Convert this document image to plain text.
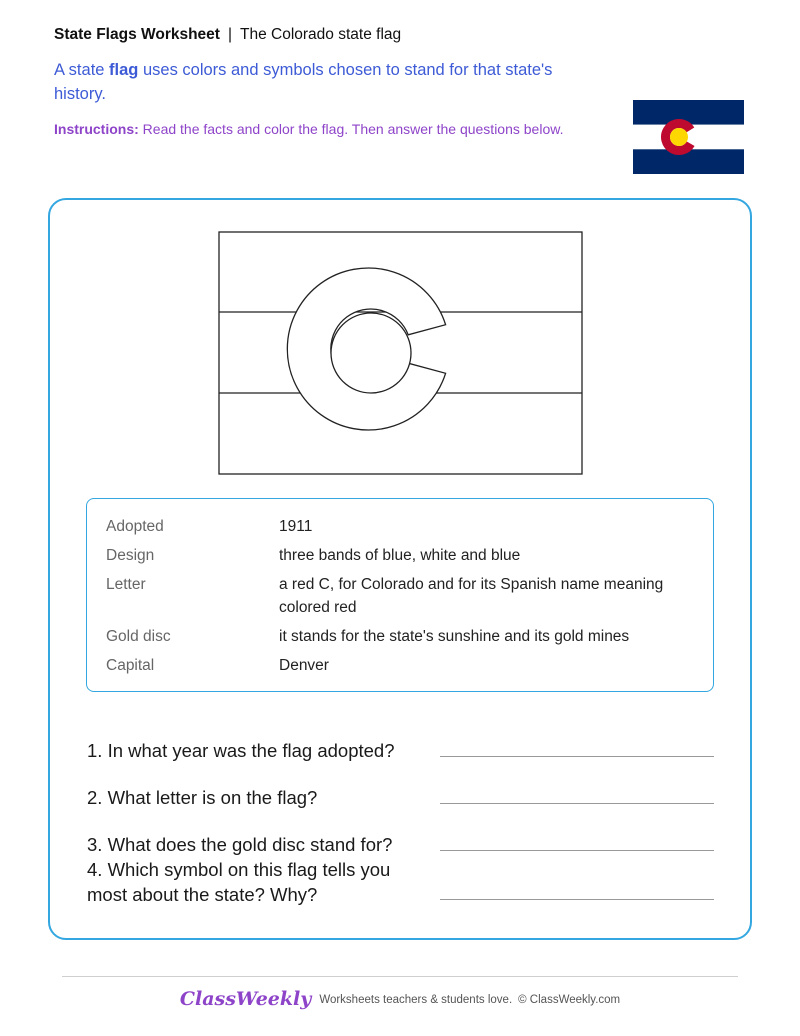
State Flags Worksheet | The Colorado state flag
A state flag uses colors and symbols chosen to stand for that state's history.
Instructions: Read the facts and color the flag. Then answer the questions below.
Adopted	1911
Design	three bands of blue, white and blue
Letter	a red C, for Colorado and for its Spanish name meaning colored red
Gold disc	it stands for the state's sunshine and its gold mines
Capital	Denver
1. In what year was the flag adopted?
2. What letter is on the flag?
3. What does the gold disc stand for?
4. Which symbol on this flag tells you most about the state? Why?
ClassWeekly Worksheets teachers & students love. © ClassWeekly.com
